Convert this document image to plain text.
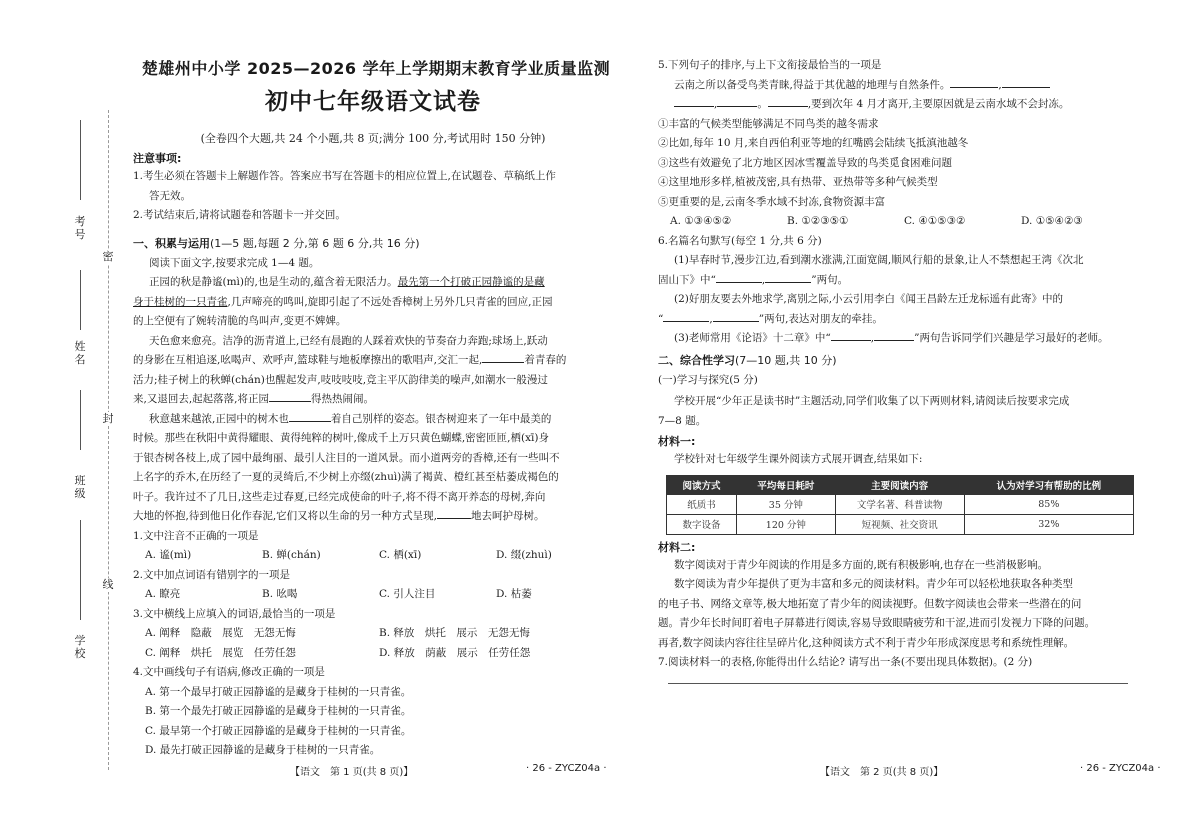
考号
密
姓名
封
班级
线
学校
楚雄州中小学 2025—2026 学年上学期期末教育学业质量监测
初中七年级语文试卷
(全卷四个大题,共 24 个小题,共 8 页;满分 100 分,考试用时 150 分钟)
注意事项:
1.考生必须在答题卡上解题作答。答案应书写在答题卡的相应位置上,在试题卷、草稿纸上作
答无效。
2.考试结束后,请将试题卷和答题卡一并交回。
一、积累与运用(1—5 题,每题 2 分,第 6 题 6 分,共 16 分)
阅读下面文字,按要求完成 1—4 题。
正园的秋是静谧(mì)的,也是生动的,蕴含着无限活力。最先第一个打破正园静谧的是藏
身于桂树的一只青雀,几声啼亮的鸣叫,旋即引起了不远处香樟树上另外几只青雀的回应,正园
的上空便有了婉转清脆的鸟叫声,变更不婢婢。
天色愈来愈亮。洁净的沥青道上,已经有晨跑的人踩着欢快的节奏奋力奔跑;球场上,跃动
的身影在互相追逐,吆喝声、欢呼声,篮球鞋与地板摩擦出的歌唱声,交汇一起,	着青春的
活力;桂子树上的秋蝉(chán)也醒起发声,吱吱吱吱,竞主平仄韵律美的噪声,如潮水一般漫过
来,又退回去,起起落落,将正园	得热热闹闹。
秋意越来越浓,正园中的树木也	着自己别样的姿态。银杏树迎来了一年中最美的
时候。那些在秋阳中黄得耀眼、黄得纯粹的树叶,像成千上万只黄色蝴蝶,密密匝匝,栖(xī)身
于银杏树各枝上,成了园中最绚丽、最引人注目的一道风景。而小道两旁的香樟,还有一些叫不
上名字的乔木,在历经了一夏的灵绮后,不少树上亦缀(zhuì)满了褐黄、橙红甚至枯萎成褐色的
叶子。我许过不了几日,这些走过春夏,已经完成使命的叶子,将不得不离开养态的母树,奔向
大地的怀抱,待到他日化作春泥,它们又将以生命的另一种方式呈现,	地去呵护母树。
1.文中注音不正确的一项是
A. 谧(mì)	B. 蝉(chán)	C. 栖(xī)	D. 缀(zhuì)
2.文中加点词语有错别字的一项是
A. 瞭亮	B. 吆喝	C. 引人注目	D. 枯萎
3.文中横线上应填入的词语,最恰当的一项是
A. 阐释　隐蔽　展览　无怨无悔	B. 释放　烘托　展示　无怨无悔
C. 阐释　烘托　展览　任劳任怨	D. 释放　荫蔽　展示　任劳任怨
4.文中画线句子有语病,修改正确的一项是
A. 第一个最早打破正园静谧的是藏身于桂树的一只青雀。
B. 第一个最先打破正园静谧的是藏身于桂树的一只青雀。
C. 最早第一个打破正园静谧的是藏身于桂树的一只青雀。
D. 最先打破正园静谧的是藏身于桂树的一只青雀。
【语文　第 1 页(共 8 页)】	· 26 - ZYCZ04a ·
5.下列句子的排序,与上下文衔接最恰当的一项是
云南之所以备受鸟类青睐,得益于其优越的地理与自然条件。	,
,	。	,要到次年 4 月才离开,主要原因就是云南水域不会封冻。
①丰富的气候类型能够满足不同鸟类的越冬需求
②比如,每年 10 月,来自西伯利亚等地的红嘴鸥会陆续飞抵滇池越冬
③这些有效避免了北方地区因冰雪覆盖导致的鸟类觅食困难问题
④这里地形多样,植被茂密,具有热带、亚热带等多种气候类型
⑤更重要的是,云南冬季水域不封冻,食物资源丰富
A. ①③④⑤②	B. ①②③⑤①	C. ④①⑤③②	D. ①⑤④②③
6.名篇名句默写(每空 1 分,共 6 分)
(1)早春时节,漫步江边,看到潮水涨满,江面宽阔,顺风行船的景象,让人不禁想起王湾《次北
固山下》中“	,	”两句。
(2)好朋友要去外地求学,离别之际,小云引用李白《闻王昌龄左迁龙标遥有此寄》中的
“	,	”两句,表达对朋友的牵挂。
(3)老师常用《论语》十二章》中“	,	”两句告诉同学们兴趣是学习最好的老师。
二、综合性学习(7—10 题,共 10 分)
(一)学习与探究(5 分)
学校开展“少年正是读书时”主题活动,同学们收集了以下两则材料,请阅读后按要求完成
7—8 题。
材料一:
学校针对七年级学生课外阅读方式展开调查,结果如下:
阅读方式	平均每日耗时	主要阅读内容	认为对学习有帮助的比例
纸质书	35 分钟	文学名著、科普读物	85%
数字设备	120 分钟	短视频、社交资讯	32%
材料二:
数字阅读对于青少年阅读的作用是多方面的,既有积极影响,也存在一些消极影响。
数字阅读为青少年提供了更为丰富和多元的阅读材料。青少年可以轻松地获取各种类型
的电子书、网络文章等,极大地拓宽了青少年的阅读视野。但数字阅读也会带来一些潜在的问
题。青少年长时间盯着电子屏幕进行阅读,容易导致眼睛疲劳和干涩,进而引发视力下降的问题。
再者,数字阅读内容往往呈碎片化,这种阅读方式不利于青少年形成深度思考和系统性理解。
7.阅读材料一的表格,你能得出什么结论? 请写出一条(不要出现具体数据)。(2 分)
【语文　第 2 页(共 8 页)】	· 26 - ZYCZ04a ·
